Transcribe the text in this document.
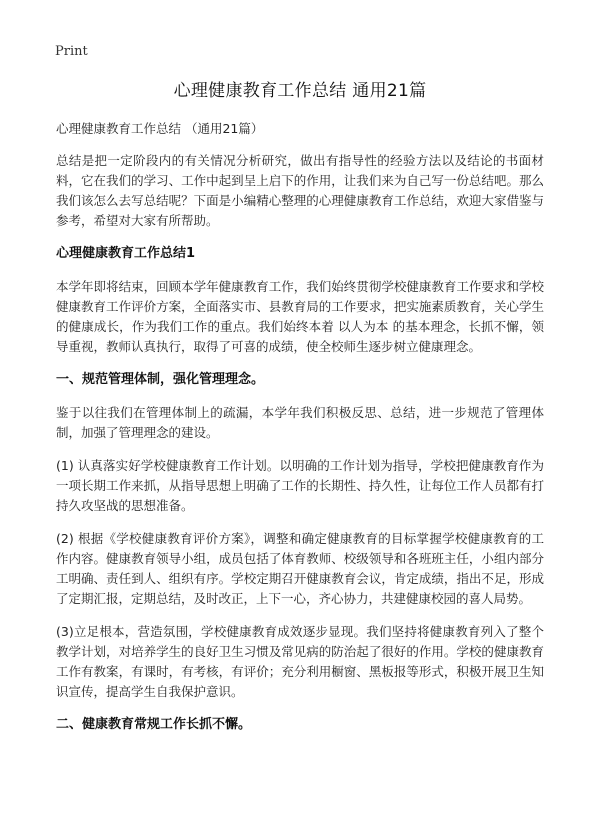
Print
心理健康教育工作总结 通用21篇
心理健康教育工作总结 （通用21篇）

总结是把一定阶段内的有关情况分析研究，做出有指导性的经验方法以及结论的书面材料，它在我们的学习、工作中起到呈上启下的作用，让我们来为自己写一份总结吧。那么我们该怎么去写总结呢？下面是小编精心整理的心理健康教育工作总结，欢迎大家借鉴与参考，希望对大家有所帮助。

心理健康教育工作总结1

本学年即将结束，回顾本学年健康教育工作，我们始终贯彻学校健康教育工作要求和学校健康教育工作评价方案，全面落实市、县教育局的工作要求，把实施素质教育，关心学生的健康成长，作为我们工作的重点。我们始终本着 以人为本 的基本理念，长抓不懈，领导重视，教师认真执行，取得了可喜的成绩，使全校师生逐步树立健康理念。

一、规范管理体制，强化管理理念。

鉴于以往我们在管理体制上的疏漏，本学年我们积极反思、总结，进一步规范了管理体制，加强了管理理念的建设。

(1) 认真落实好学校健康教育工作计划。以明确的工作计划为指导，学校把健康教育作为一项长期工作来抓，从指导思想上明确了工作的长期性、持久性，让每位工作人员都有打持久攻坚战的思想准备。

(2) 根据《学校健康教育评价方案》，调整和确定健康教育的目标掌握学校健康教育的工作内容。健康教育领导小组，成员包括了体育教师、校级领导和各班班主任，小组内部分工明确、责任到人、组织有序。学校定期召开健康教育会议，肯定成绩，指出不足，形成了定期汇报，定期总结，及时改正，上下一心，齐心协力，共建健康校园的喜人局势。

(3)立足根本，营造氛围，学校健康教育成效逐步显现。我们坚持将健康教育列入了整个教学计划，对培养学生的良好卫生习惯及常见病的防治起了很好的作用。学校的健康教育工作有教案，有课时，有考核，有评价；充分利用橱窗、黑板报等形式，积极开展卫生知识宣传，提高学生自我保护意识。

二、健康教育常规工作长抓不懈。
